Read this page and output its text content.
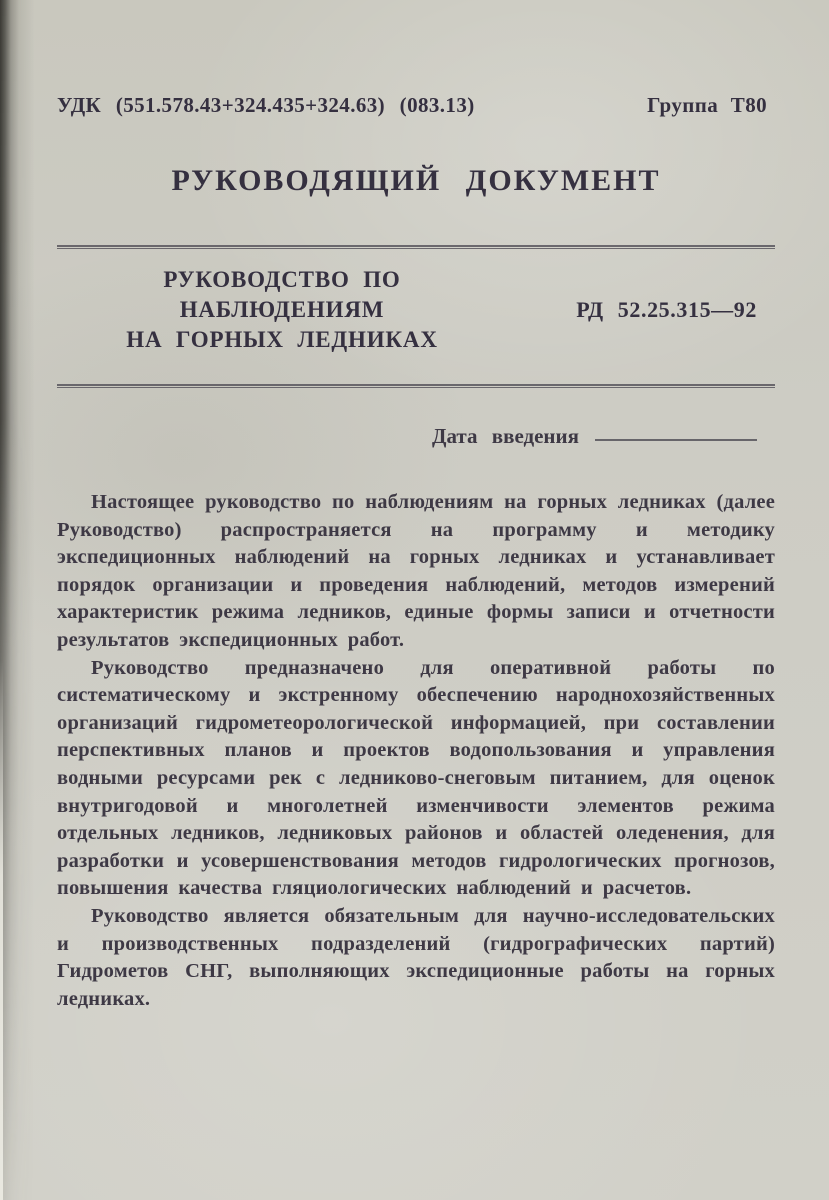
УДК (551.578.43+324.435+324.63) (083.13)	Группа Т80
РУКОВОДЯЩИЙ ДОКУМЕНТ
РУКОВОДСТВО ПО НАБЛЮДЕНИЯМ
НА ГОРНЫХ ЛЕДНИКАХ
РД 52.25.315—92
Дата введения

Настоящее руководство по наблюдениям на горных ледниках (далее Руководство) распространяется на программу и методику экспедиционных наблюдений на горных ледниках и устанавливает порядок организации и проведения наблюдений, методов измерений характеристик режима ледников, единые формы записи и отчетности результатов экспедиционных работ.

Руководство предназначено для оперативной работы по систематическому и экстренному обеспечению народнохозяйственных организаций гидрометеорологической информацией, при составлении перспективных планов и проектов водопользования и управления водными ресурсами рек с ледниково-снеговым питанием, для оценок внутригодовой и многолетней изменчивости элементов режима отдельных ледников, ледниковых районов и областей оледенения, для разработки и усовершенствования методов гидрологических прогнозов, повышения качества гляциологических наблюдений и расчетов.

Руководство является обязательным для научно-исследовательских и производственных подразделений (гидрографических партий) Гидрометов СНГ, выполняющих экспедиционные работы на горных ледниках.
